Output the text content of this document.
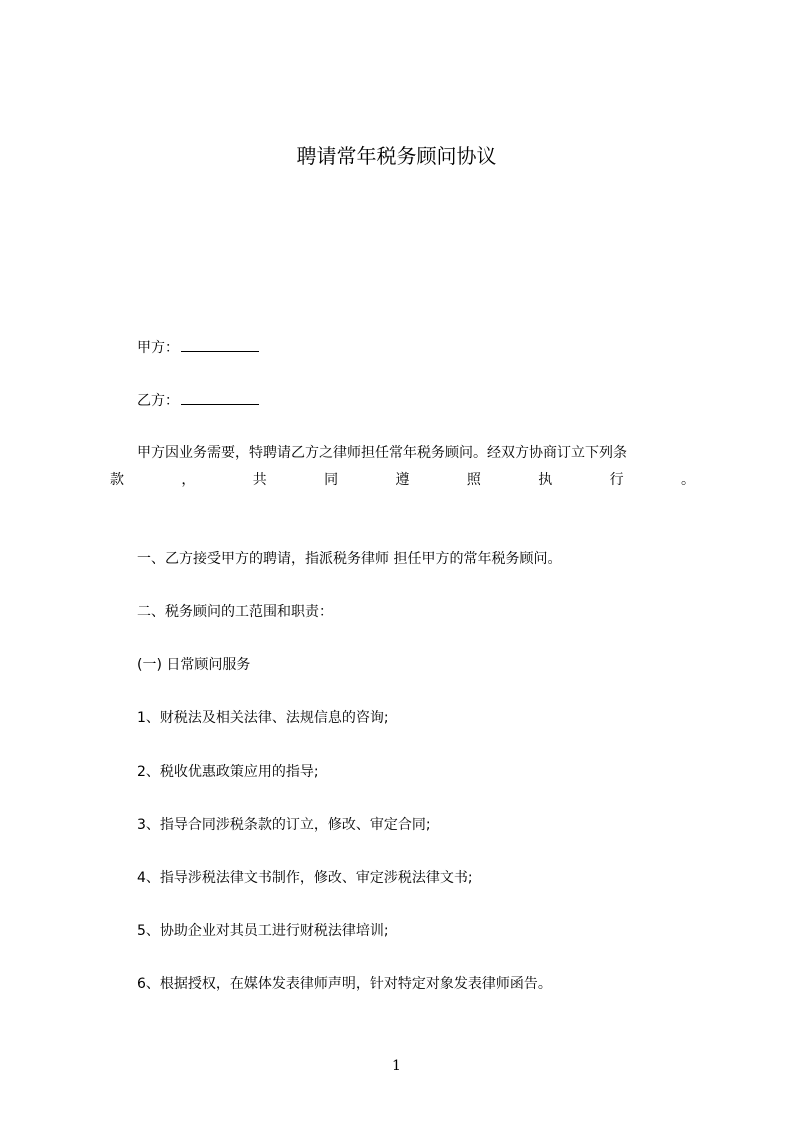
聘请常年税务顾问协议
甲方：
乙方：
甲方因业务需要，特聘请乙方之律师担任常年税务顾问。经双方协商订立下列条
款	，	共	同	遵	照	执	行	。
一、乙方接受甲方的聘请，指派税务律师 担任甲方的常年税务顾问。
二、税务顾问的工范围和职责：
(一) 日常顾问服务
1、财税法及相关法律、法规信息的咨询;
2、税收优惠政策应用的指导;
3、指导合同涉税条款的订立，修改、审定合同;
4、指导涉税法律文书制作，修改、审定涉税法律文书;
5、协助企业对其员工进行财税法律培训;
6、根据授权，在媒体发表律师声明，针对特定对象发表律师函告。
1
